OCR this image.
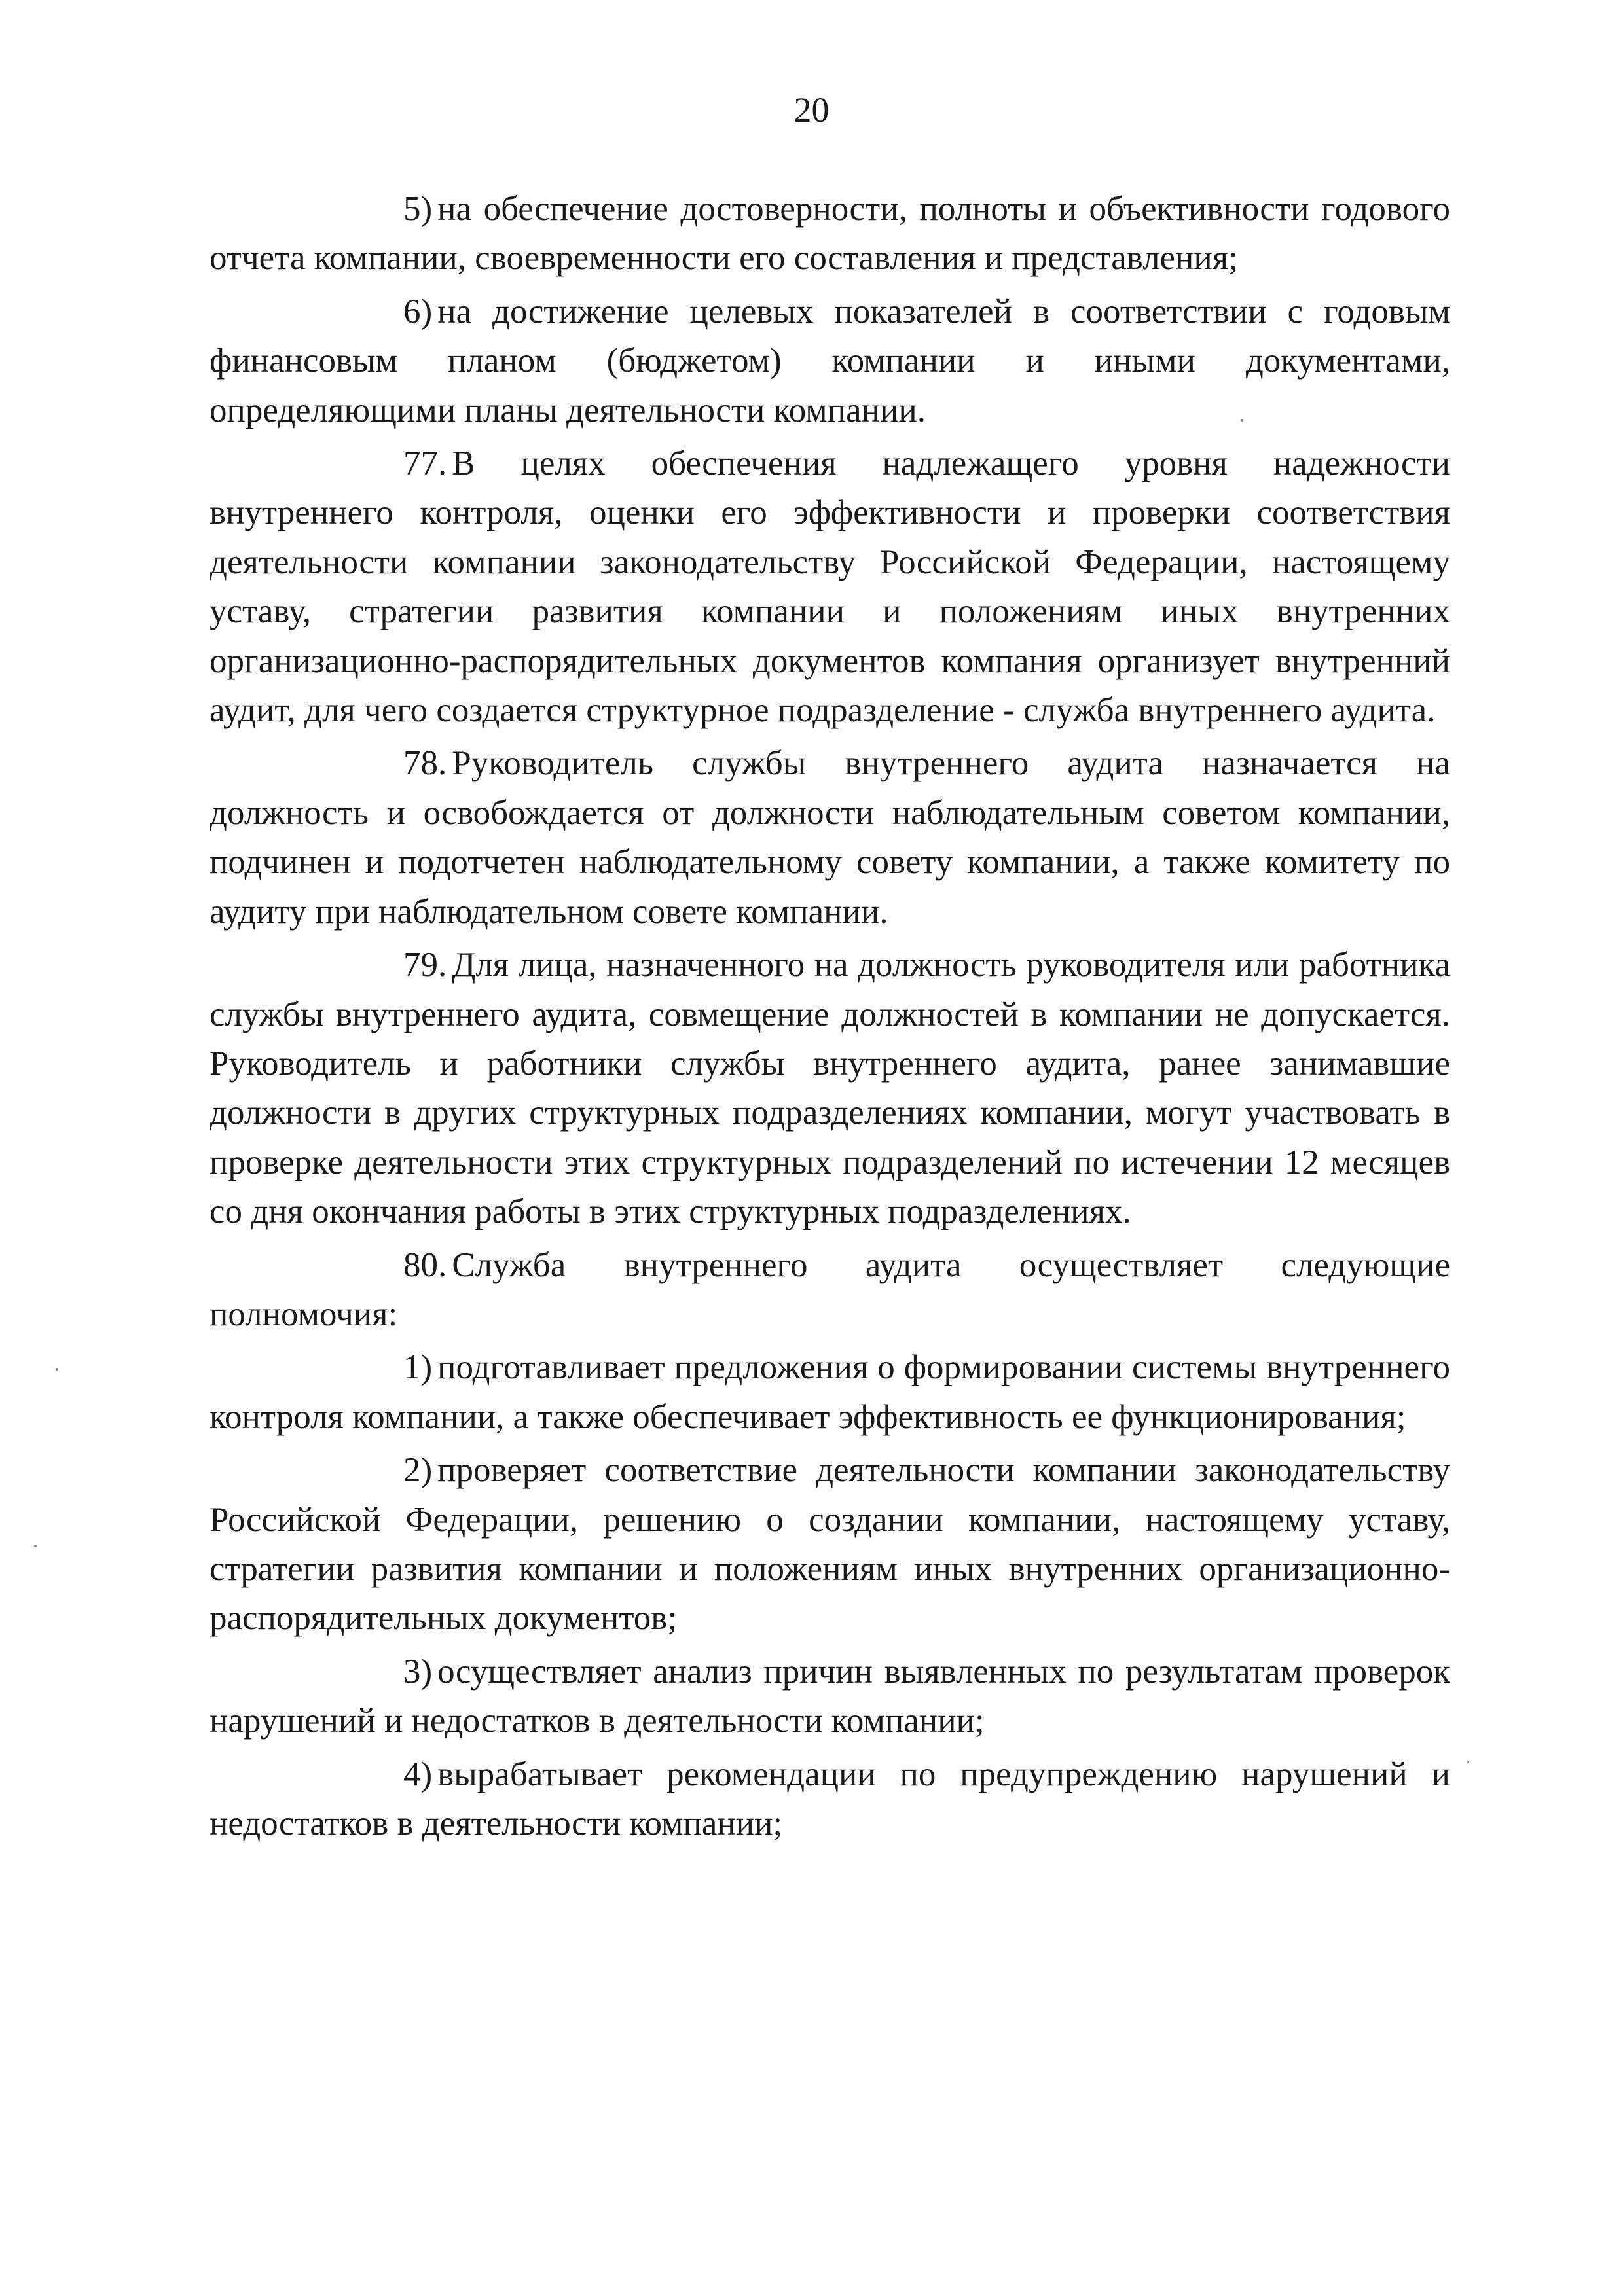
20

5) на обеспечение достоверности, полноты и объективности годового отчета компании, своевременности его составления и представления;

6) на достижение целевых показателей в соответствии с годовым финансовым планом (бюджетом) компании и иными документами, определяющими планы деятельности компании.

77. В целях обеспечения надлежащего уровня надежности внутреннего контроля, оценки его эффективности и проверки соответствия деятельности компании законодательству Российской Федерации, настоящему уставу, стратегии развития компании и положениям иных внутренних организационно-распорядительных документов компания организует внутренний аудит, для чего создается структурное подразделение - служба внутреннего аудита.

78. Руководитель службы внутреннего аудита назначается на должность и освобождается от должности наблюдательным советом компании, подчинен и подотчетен наблюдательному совету компании, а также комитету по аудиту при наблюдательном совете компании.

79. Для лица, назначенного на должность руководителя или работника службы внутреннего аудита, совмещение должностей в компании не допускается. Руководитель и работники службы внутреннего аудита, ранее занимавшие должности в других структурных подразделениях компании, могут участвовать в проверке деятельности этих структурных подразделений по истечении 12 месяцев со дня окончания работы в этих структурных подразделениях.

80. Служба внутреннего аудита осуществляет следующие полномочия:

1) подготавливает предложения о формировании системы внутреннего контроля компании, а также обеспечивает эффективность ее функционирования;

2) проверяет соответствие деятельности компании законодательству Российской Федерации, решению о создании компании, настоящему уставу, стратегии развития компании и положениям иных внутренних организационно-распорядительных документов;

3) осуществляет анализ причин выявленных по результатам проверок нарушений и недостатков в деятельности компании;

4) вырабатывает рекомендации по предупреждению нарушений и недостатков в деятельности компании;
